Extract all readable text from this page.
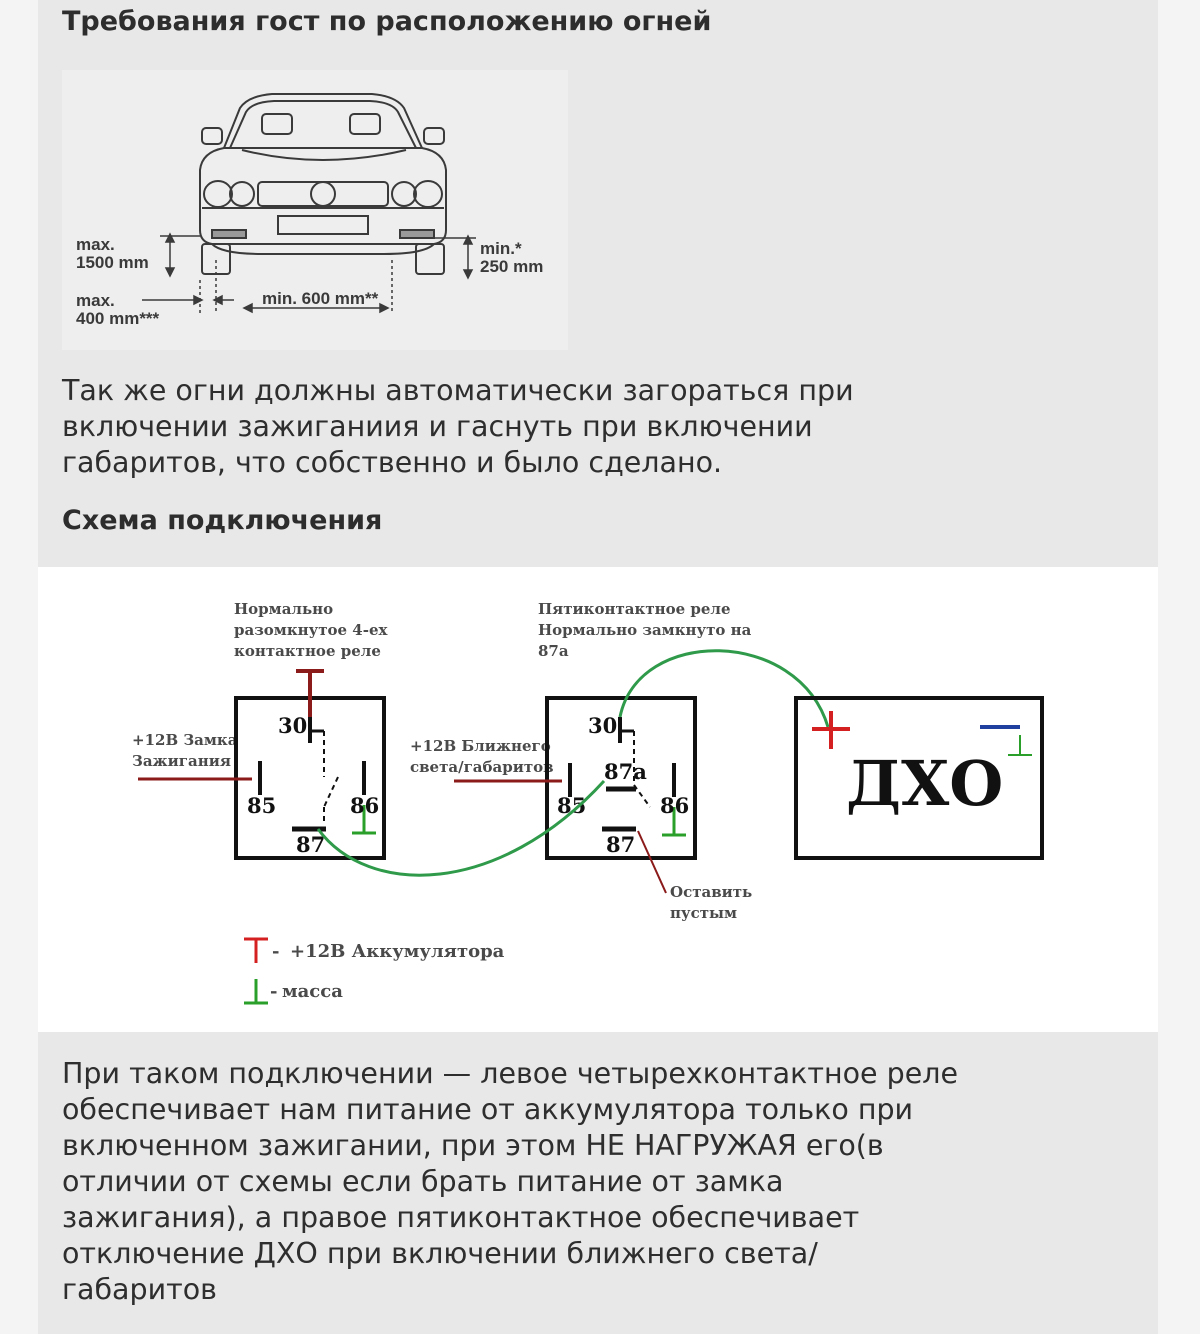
Требования гост по расположению огней
max.
1500 mm
min.*
250 mm
max.
400 mm***
min. 600 mm**

Так же огни должны автоматически загораться при
включении зажиганиия и гаснуть при включении
габаритов, что собственно и было сделано.

Схема подключения
Нормально
разомкнутое 4-ех
контактное реле
Пятиконтактное реле
Нормально замкнуто на
87а
+12В Замка
Зажигания
+12В Ближнего
света/габаритов
30
85	86
87
30
87a
85	86
87
Оставить
пустым
ДХО
- +12В Аккумулятора
- масса

При таком подключении — левое четырехконтактное реле
обеспечивает нам питание от аккумулятора только при
включенном зажигании, при этом НЕ НАГРУЖАЯ его(в
отличии от схемы если брать питание от замка
зажигания), а правое пятиконтактное обеспечивает
отключение ДХО при включении ближнего света/
габаритов
